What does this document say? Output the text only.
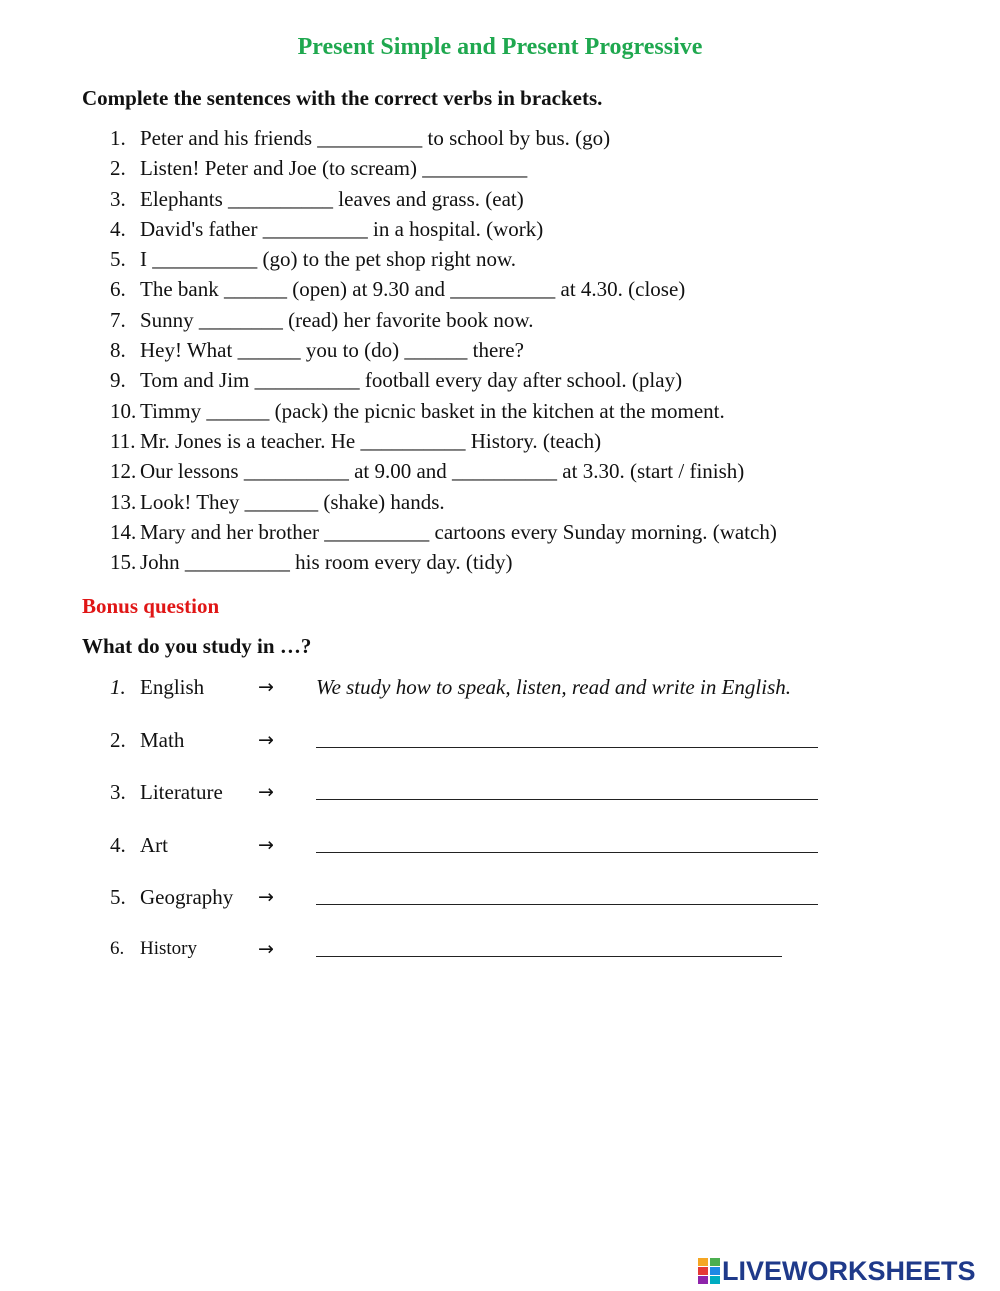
Present Simple and Present Progressive
Complete the sentences with the correct verbs in brackets.
1. Peter and his friends __________ to school by bus. (go)
2. Listen! Peter and Joe (to scream) __________
3. Elephants __________ leaves and grass. (eat)
4. David's father __________ in a hospital. (work)
5. I __________ (go) to the pet shop right now.
6. The bank ______ (open) at 9.30 and __________ at 4.30. (close)
7. Sunny ________ (read) her favorite book now.
8. Hey! What ______ you to (do) ______ there?
9. Tom and Jim __________ football every day after school. (play)
10. Timmy ______ (pack) the picnic basket in the kitchen at the moment.
11. Mr. Jones is a teacher. He __________ History. (teach)
12. Our lessons __________ at 9.00 and __________ at 3.30. (start / finish)
13. Look! They _______ (shake) hands.
14. Mary and her brother __________ cartoons every Sunday morning. (watch)
15. John __________ his room every day. (tidy)
Bonus question
What do you study in …?
1. English	→ We study how to speak, listen, read and write in English.
2. Math	→
3. Literature →
4. Art	→
5. Geography →
6. History	→
LIVEWORKSHEETS
